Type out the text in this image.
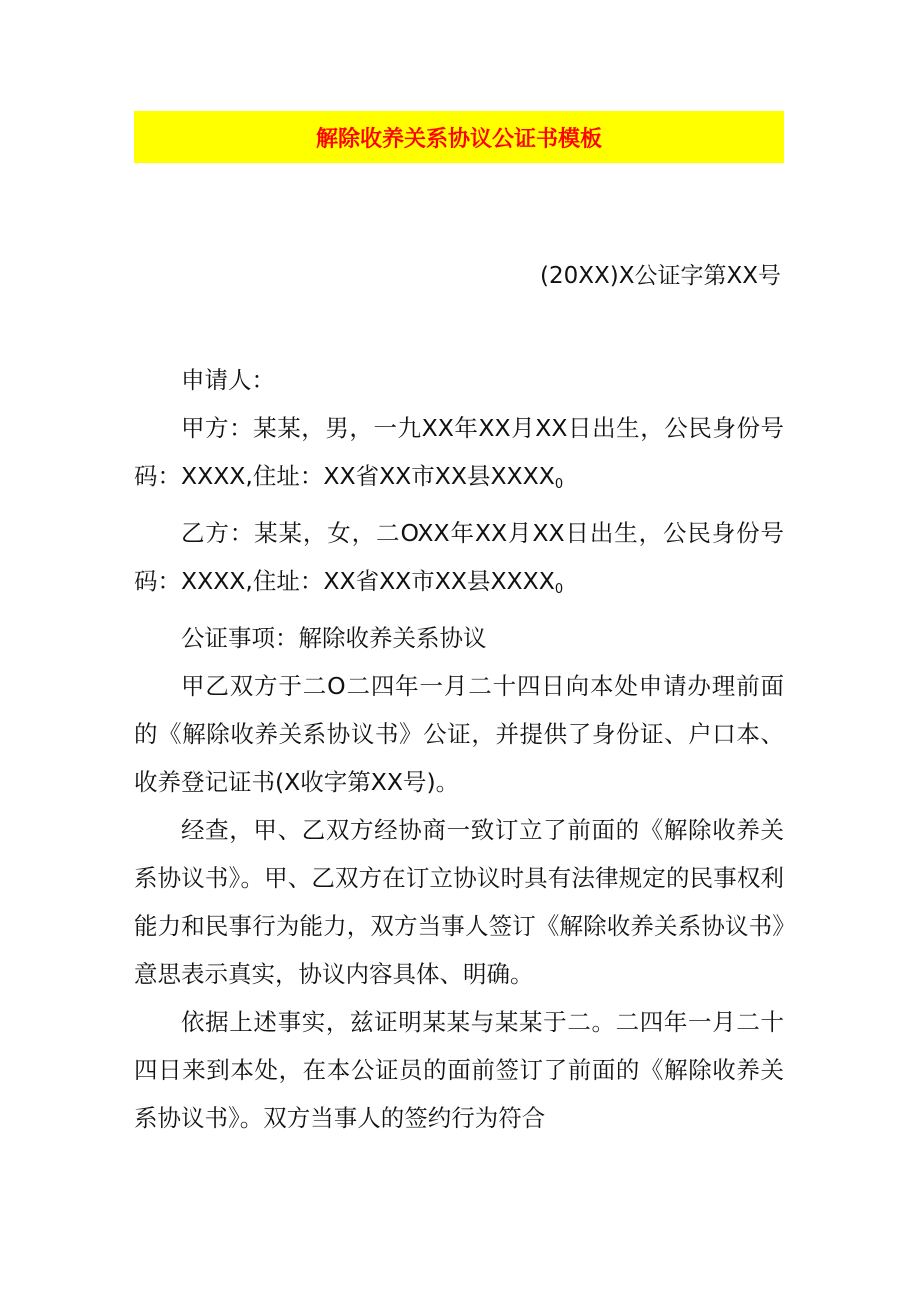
解除收养关系协议公证书模板
(20XX)X公证字第XX号

申请人：

甲方：某某，男，一九XX年XX月XX日出生，公民身份号码：XXXX,住址：XX省XX市XX县$XXXX_0$

乙方：某某，女，二OXX年XX月XX日出生，公民身份号码：XXXX,住址：XX省XX市XX县$XXXX_0$

公证事项：解除收养关系协议

甲乙双方于二O二四年一月二十四日向本处申请办理前面的《解除收养关系协议书》公证，并提供了身份证、户口本、收养登记证书(X收字第XX号)。

经查，甲、乙双方经协商一致订立了前面的《解除收养关系协议书》。甲、乙双方在订立协议时具有法律规定的民事权利能力和民事行为能力，双方当事人签订《解除收养关系协议书》意思表示真实，协议内容具体、明确。

依据上述事实，兹证明某某与某某于二。二四年一月二十四日来到本处，在本公证员的面前签订了前面的《解除收养关系协议书》。双方当事人的签约行为符合
